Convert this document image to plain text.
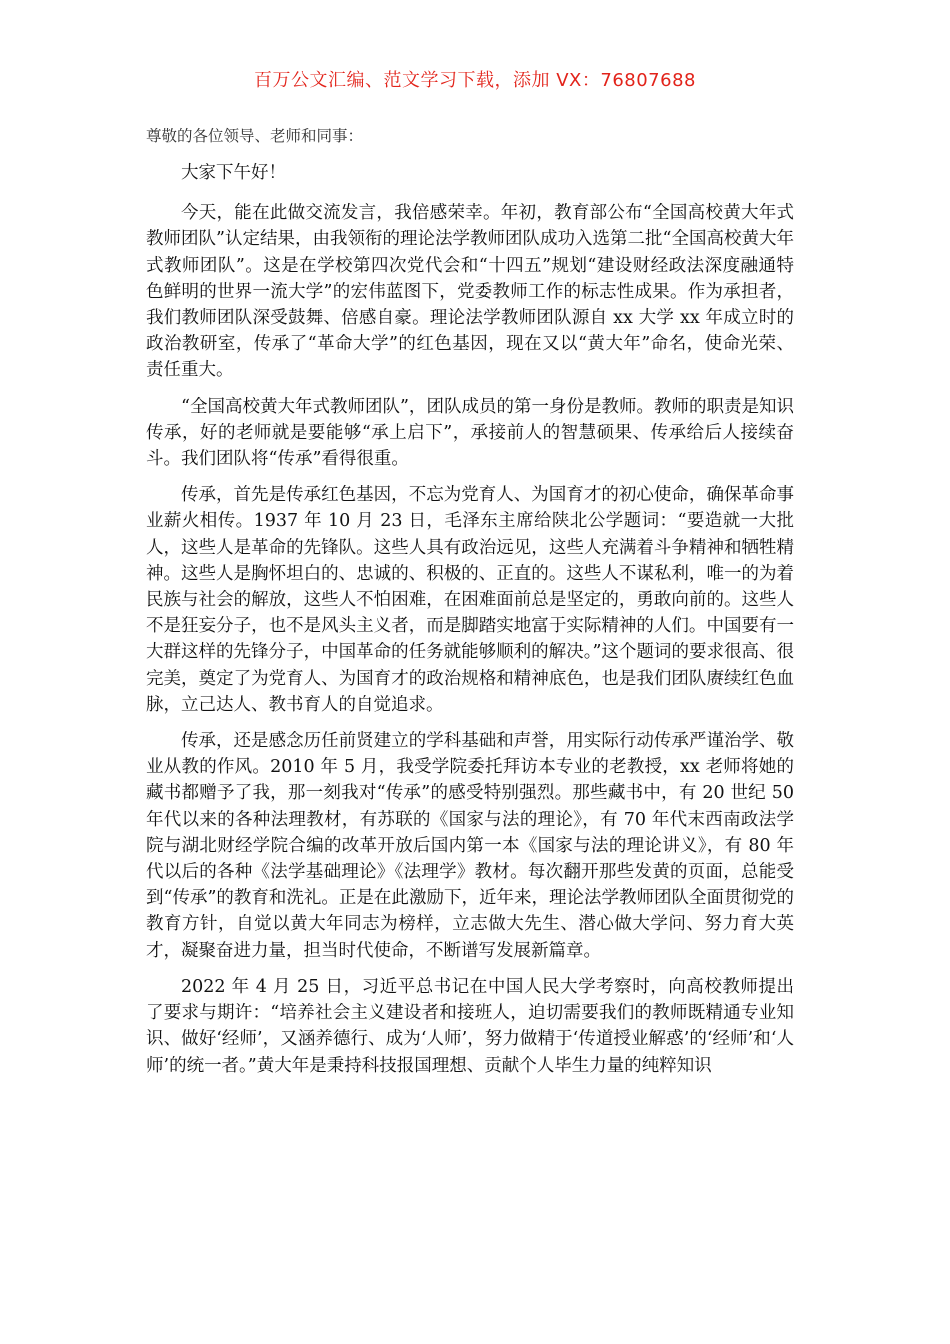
百万公文汇编、范文学习下载，添加 VX：76807688

尊敬的各位领导、老师和同事：

大家下午好！

今天，能在此做交流发言，我倍感荣幸。年初，教育部公布“全国高校黄大年式教师团队”认定结果，由我领衔的理论法学教师团队成功入选第二批“全国高校黄大年式教师团队”。这是在学校第四次党代会和“十四五”规划“建设财经政法深度融通特色鲜明的世界一流大学”的宏伟蓝图下，党委教师工作的标志性成果。作为承担者，我们教师团队深受鼓舞、倍感自豪。理论法学教师团队源自 xx 大学 xx 年成立时的政治教研室，传承了“革命大学”的红色基因，现在又以“黄大年”命名，使命光荣、责任重大。

“全国高校黄大年式教师团队”，团队成员的第一身份是教师。教师的职责是知识传承，好的老师就是要能够“承上启下”，承接前人的智慧硕果、传承给后人接续奋斗。我们团队将“传承”看得很重。

传承，首先是传承红色基因，不忘为党育人、为国育才的初心使命，确保革命事业薪火相传。1937 年 10 月 23 日，毛泽东主席给陕北公学题词：“要造就一大批人，这些人是革命的先锋队。这些人具有政治远见，这些人充满着斗争精神和牺牲精神。这些人是胸怀坦白的、忠诚的、积极的、正直的。这些人不谋私利，唯一的为着民族与社会的解放，这些人不怕困难，在困难面前总是坚定的，勇敢向前的。这些人不是狂妄分子，也不是风头主义者，而是脚踏实地富于实际精神的人们。中国要有一大群这样的先锋分子，中国革命的任务就能够顺利的解决。”这个题词的要求很高、很完美，奠定了为党育人、为国育才的政治规格和精神底色，也是我们团队赓续红色血脉，立己达人、教书育人的自觉追求。

传承，还是感念历任前贤建立的学科基础和声誉，用实际行动传承严谨治学、敬业从教的作风。2010 年 5 月，我受学院委托拜访本专业的老教授，xx 老师将她的藏书都赠予了我，那一刻我对“传承”的感受特别强烈。那些藏书中，有 20 世纪 50 年代以来的各种法理教材，有苏联的《国家与法的理论》，有 70 年代末西南政法学院与湖北财经学院合编的改革开放后国内第一本《国家与法的理论讲义》，有 80 年代以后的各种《法学基础理论》《法理学》教材。每次翻开那些发黄的页面，总能受到“传承”的教育和洗礼。正是在此激励下，近年来，理论法学教师团队全面贯彻党的教育方针，自觉以黄大年同志为榜样，立志做大先生、潜心做大学问、努力育大英才，凝聚奋进力量，担当时代使命，不断谱写发展新篇章。

2022 年 4 月 25 日，习近平总书记在中国人民大学考察时，向高校教师提出了要求与期许：“培养社会主义建设者和接班人，迫切需要我们的教师既精通专业知识、做好‘经师’，又涵养德行、成为‘人师’，努力做精于‘传道授业解惑’的‘经师’和‘人师’的统一者。”黄大年是秉持科技报国理想、贡献个人毕生力量的纯粹知识
